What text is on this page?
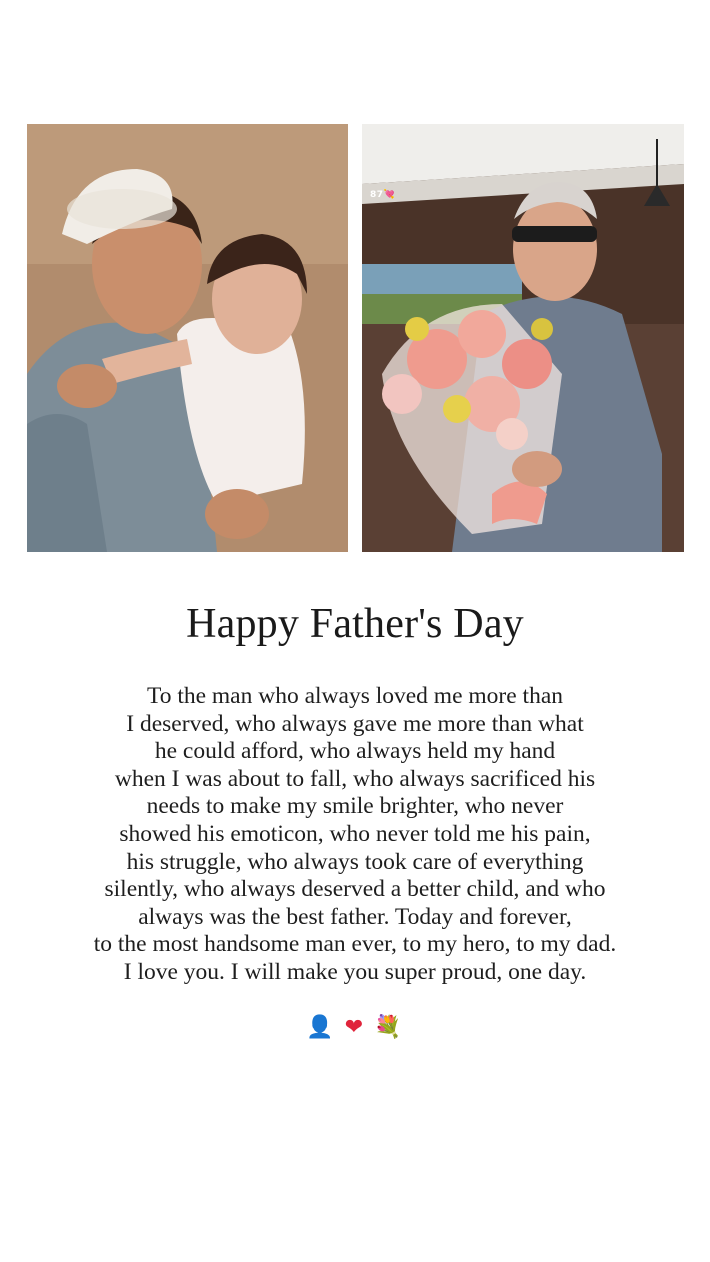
87💘
Happy Father's Day
To the man who always loved me more than
I deserved, who always gave me more than what
he could afford, who always held my hand
when I was about to fall, who always sacrificed his
needs to make my smile brighter, who never
showed his emoticon, who never told me his pain,
his struggle, who always took care of everything
silently, who always deserved a better child, and who
always was the best father. Today and forever,
to the most handsome man ever, to my hero, to my dad.
I love you. I will make you super proud, one day.
👤 ❤ 💐
